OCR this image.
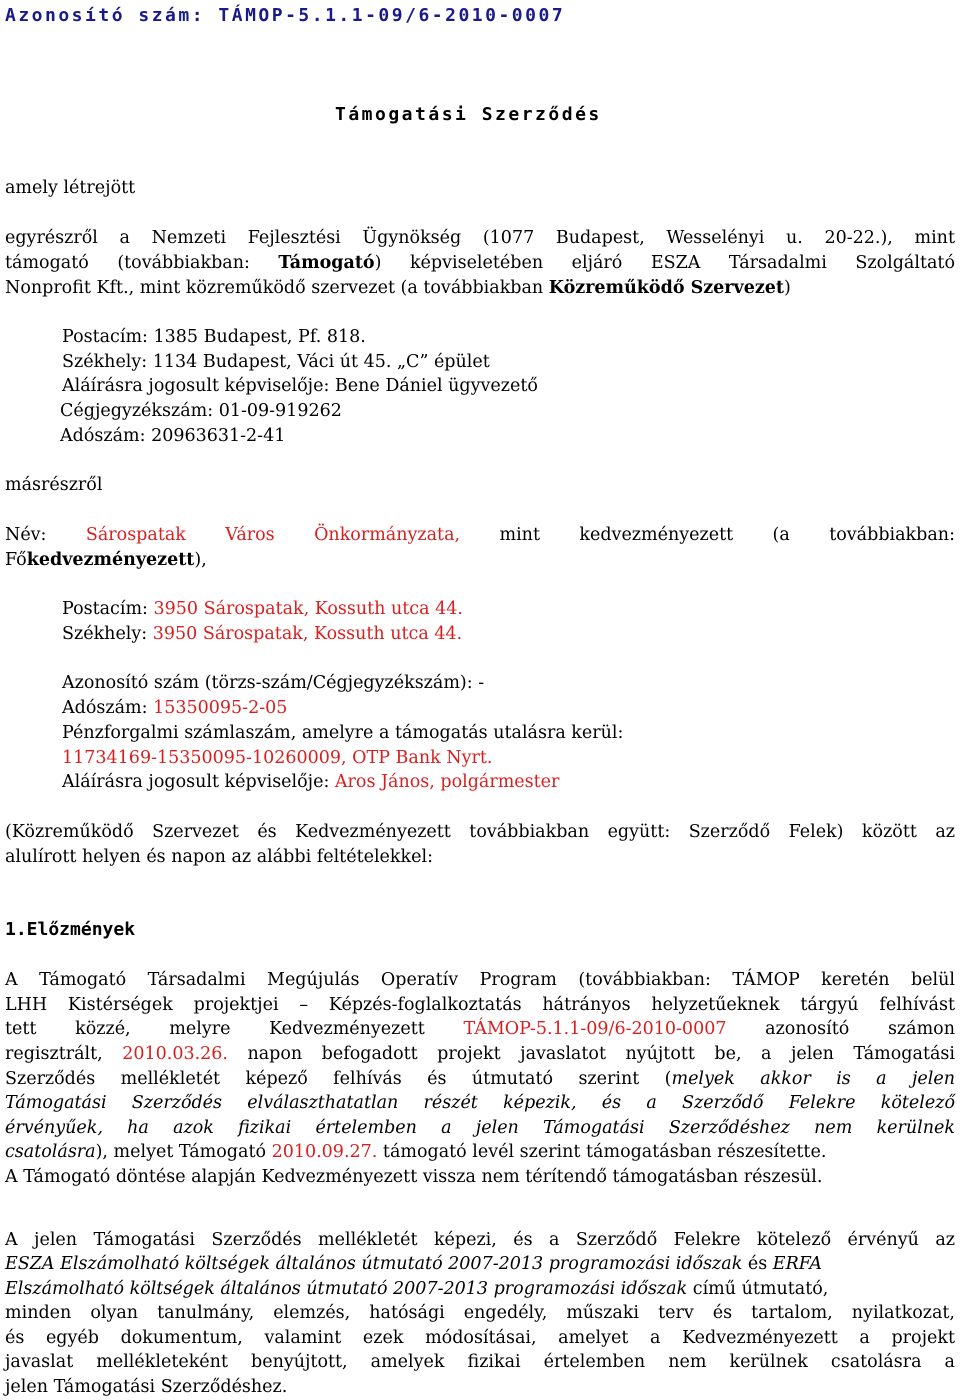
Azonosító szám: TÁMOP-5.1.1-09/6-2010-0007
Támogatási Szerződés
amely létrejött
egyrészről a Nemzeti Fejlesztési Ügynökség (1077 Budapest, Wesselényi u. 20-22.), mint
támogató (továbbiakban: Támogató) képviseletében eljáró ESZA Társadalmi Szolgáltató
Nonprofit Kft., mint közreműködő szervezet (a továbbiakban Közreműködő Szervezet)
Postacím: 1385 Budapest, Pf. 818.
Székhely: 1134 Budapest, Váci út 45. „C” épület
Aláírásra jogosult képviselője: Bene Dániel ügyvezető
Cégjegyzékszám: 01-09-919262
Adószám: 20963631-2-41
másrészről
Név: Sárospatak Város Önkormányzata, mint kedvezményezett (a továbbiakban:
Főkedvezményezett),
Postacím: 3950 Sárospatak, Kossuth utca 44.
Székhely: 3950 Sárospatak, Kossuth utca 44.
Azonosító szám (törzs-szám/Cégjegyzékszám): -
Adószám: 15350095-2-05
Pénzforgalmi számlaszám, amelyre a támogatás utalásra kerül:
11734169-15350095-10260009, OTP Bank Nyrt.
Aláírásra jogosult képviselője: Aros János, polgármester
(Közreműködő Szervezet és Kedvezményezett továbbiakban együtt: Szerződő Felek) között az
alulírott helyen és napon az alábbi feltételekkel:
1.Előzmények
A Támogató Társadalmi Megújulás Operatív Program (továbbiakban: TÁMOP keretén belül
LHH Kistérségek projektjei – Képzés-foglalkoztatás hátrányos helyzetűeknek tárgyú felhívást
tett közzé, melyre Kedvezményezett TÁMOP-5.1.1-09/6-2010-0007 azonosító számon
regisztrált, 2010.03.26. napon befogadott projekt javaslatot nyújtott be, a jelen Támogatási
Szerződés mellékletét képező felhívás és útmutató szerint (melyek akkor is a jelen
Támogatási Szerződés elválaszthatatlan részét képezik, és a Szerződő Felekre kötelező
érvényűek, ha azok fizikai értelemben a jelen Támogatási Szerződéshez nem kerülnek
csatolásra), melyet Támogató 2010.09.27. támogató levél szerint támogatásban részesítette.
A Támogató döntése alapján Kedvezményezett vissza nem térítendő támogatásban részesül.
A jelen Támogatási Szerződés mellékletét képezi, és a Szerződő Felekre kötelező érvényű az
ESZA Elszámolható költségek általános útmutató 2007-2013 programozási időszak és ERFA
Elszámolható költségek általános útmutató 2007-2013 programozási időszak című útmutató,
minden olyan tanulmány, elemzés, hatósági engedély, műszaki terv és tartalom, nyilatkozat,
és egyéb dokumentum, valamint ezek módosításai, amelyet a Kedvezményezett a projekt
javaslat mellékleteként benyújtott, amelyek fizikai értelemben nem kerülnek csatolásra a
jelen Támogatási Szerződéshez.
